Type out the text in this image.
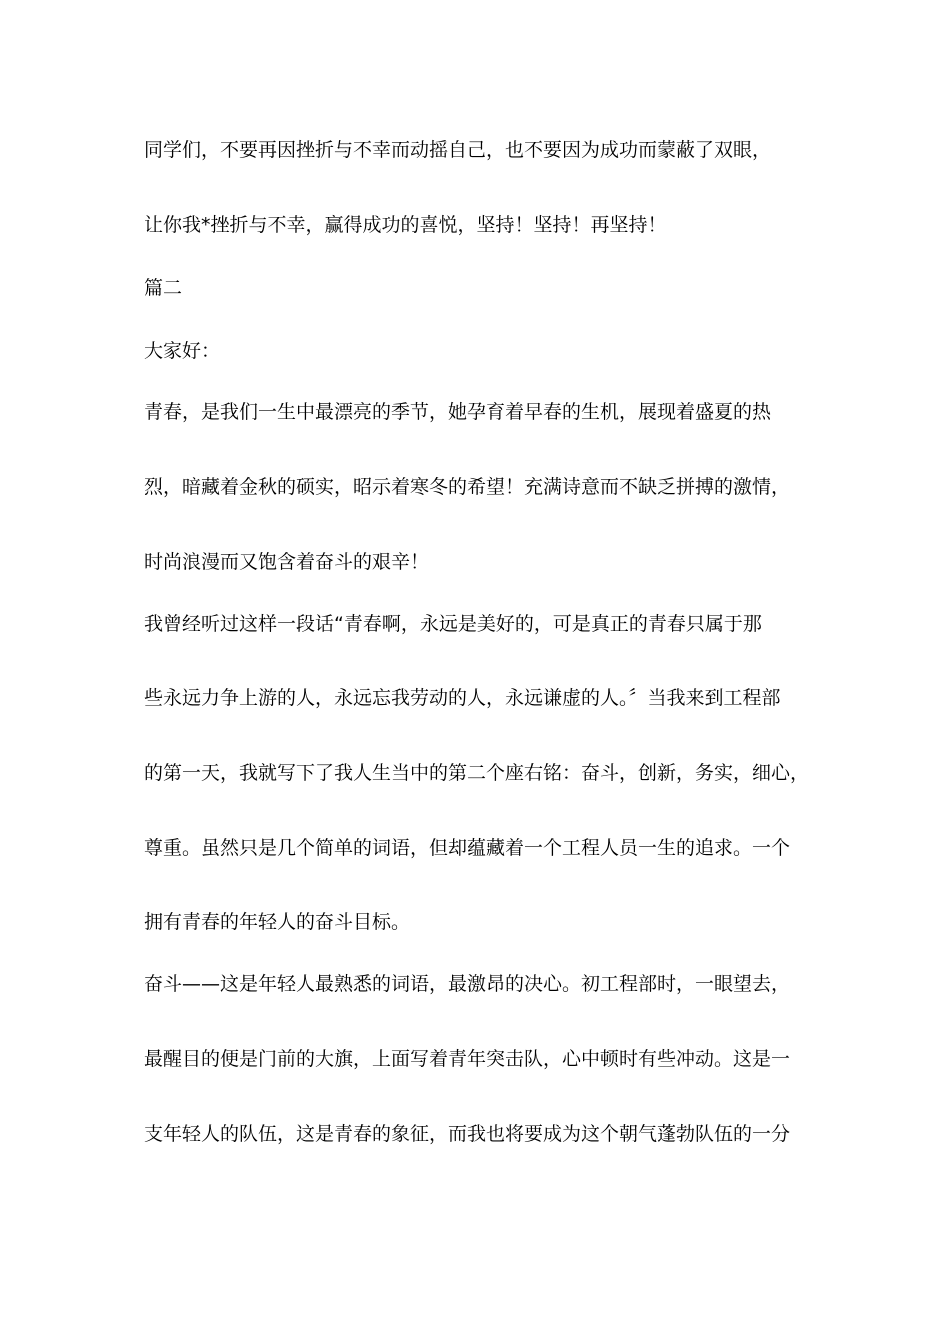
同学们，不要再因挫折与不幸而动摇自己，也不要因为成功而蒙蔽了双眼，

让你我*挫折与不幸，赢得成功的喜悦，坚持！坚持！再坚持！

篇二

大家好：

青春，是我们一生中最漂亮的季节，她孕育着早春的生机，展现着盛夏的热

烈，暗藏着金秋的硕实，昭示着寒冬的希望！充满诗意而不缺乏拼搏的激情，

时尚浪漫而又饱含着奋斗的艰辛！

我曾经听过这样一段话“青春啊，永远是美好的，可是真正的青春只属于那

些永远力争上游的人，永远忘我劳动的人，永远谦虚的人。〞当我来到工程部

的第一天，我就写下了我人生当中的第二个座右铭：奋斗，创新，务实，细心，

尊重。虽然只是几个简单的词语，但却蕴藏着一个工程人员一生的追求。一个

拥有青春的年轻人的奋斗目标。

奋斗——这是年轻人最熟悉的词语，最激昂的决心。初工程部时，一眼望去，

最醒目的便是门前的大旗，上面写着青年突击队，心中顿时有些冲动。这是一

支年轻人的队伍，这是青春的象征，而我也将要成为这个朝气蓬勃队伍的一分
